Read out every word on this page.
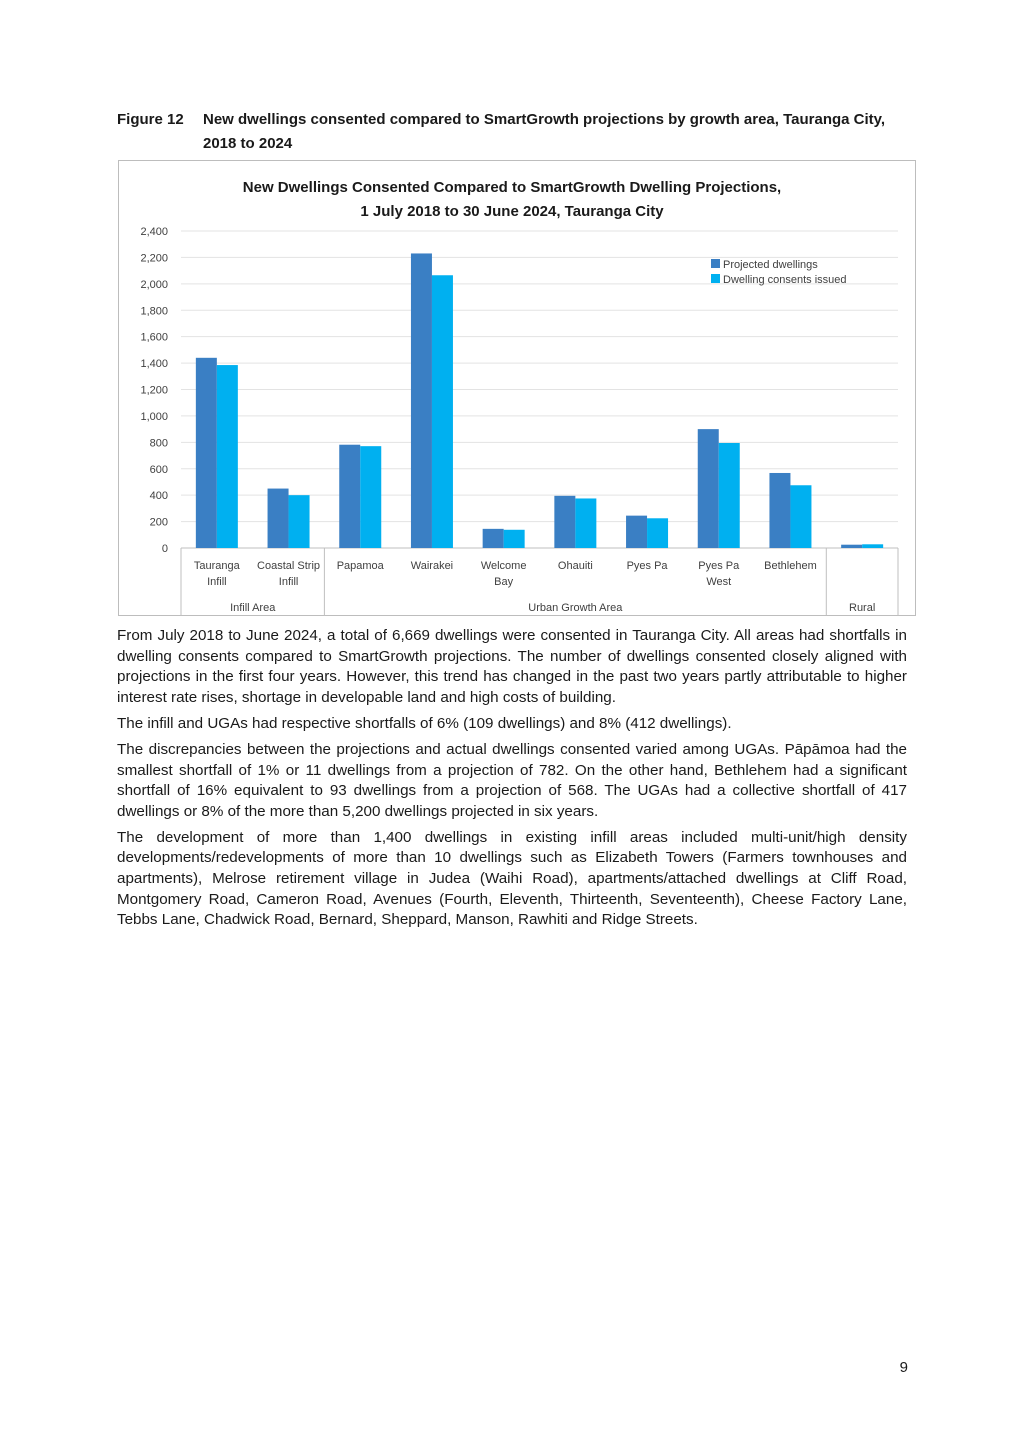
Figure 12 New dwellings consented compared to SmartGrowth projections by growth area, Tauranga City, 2018 to 2024
0
200
400
600
800
1,000
1,200
1,400
1,600
1,800
2,000
2,200
2,400
Tauranga
Infill
Coastal Strip
Infill
Papamoa Wairakei	Welcome
Bay
Ohauiti	Pyes Pa	Pyes Pa
West
Bethlehem
Infill Area	Urban Growth Area	Rural
Projected dwellings
Dwelling consents issued
New Dwellings Consented Compared to SmartGrowth Dwelling Projections,
1 July 2018 to 30 June 2024, Tauranga City

From July 2018 to June 2024, a total of 6,669 dwellings were consented in Tauranga City. All areas had shortfalls in dwelling consents compared to SmartGrowth projections. The number of dwellings consented closely aligned with projections in the first four years. However, this trend has changed in the past two years partly attributable to higher interest rate rises, shortage in developable land and high costs of building.

The infill and UGAs had respective shortfalls of 6% (109 dwellings) and 8% (412 dwellings).

The discrepancies between the projections and actual dwellings consented varied among UGAs. Pāpāmoa had the smallest shortfall of 1% or 11 dwellings from a projection of 782. On the other hand, Bethlehem had a significant shortfall of 16% equivalent to 93 dwellings from a projection of 568. The UGAs had a collective shortfall of 417 dwellings or 8% of the more than 5,200 dwellings projected in six years.

The development of more than 1,400 dwellings in existing infill areas included multi-unit/high density developments/redevelopments of more than 10 dwellings such as Elizabeth Towers (Farmers townhouses and apartments), Melrose retirement village in Judea (Waihi Road), apartments/attached dwellings at Cliff Road, Montgomery Road, Cameron Road, Avenues (Fourth, Eleventh, Thirteenth, Seventeenth), Cheese Factory Lane, Tebbs Lane, Chadwick Road, Bernard, Sheppard, Manson, Rawhiti and Ridge Streets.

9
